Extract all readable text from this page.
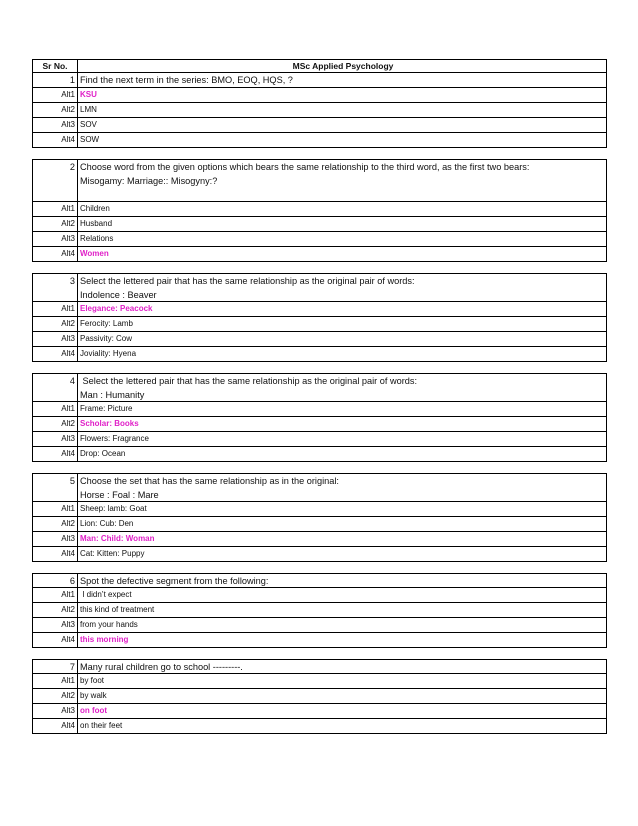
Sr No.	MSc Applied Psychology
1 Find the next term in the series: BMO, EOQ, HQS, ?
Alt1 KSU
Alt2 LMN
Alt3 SOV
Alt4 SOW
2 Choose word from the given options which bears the same relationship to the third word, as the first two bears:
Misogamy: Marriage:: Misogyny:?
Alt1 Children
Alt2 Husband
Alt3 Relations
Alt4 Women
3 Select the lettered pair that has the same relationship as the original pair of words:
Indolence : Beaver
Alt1 Elegance: Peacock
Alt2 Ferocity: Lamb
Alt3 Passivity: Cow
Alt4 Joviality: Hyena
4 Select the lettered pair that has the same relationship as the original pair of words:
Man : Humanity
Alt1 Frame: Picture
Alt2 Scholar: Books
Alt3 Flowers: Fragrance
Alt4 Drop: Ocean
5 Choose the set that has the same relationship as in the original:
Horse : Foal : Mare
Alt1 Sheep: lamb: Goat
Alt2 Lion: Cub: Den
Alt3 Man: Child: Woman
Alt4 Cat: Kitten: Puppy
6 Spot the defective segment from the following:
Alt1 I didn’t expect
Alt2 this kind of treatment
Alt3 from your hands
Alt4 this morning
7 Many rural children go to school ---------.
Alt1 by foot
Alt2 by walk
Alt3 on foot
Alt4 on their feet
